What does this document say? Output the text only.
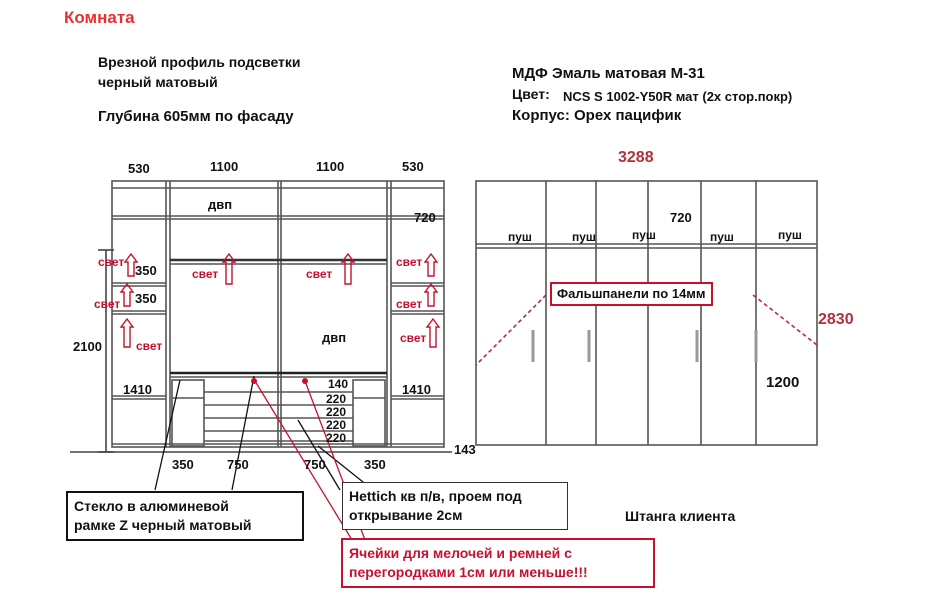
Комната
Врезной профиль подсветки
черный матовый
Глубина 605мм по фасаду
МДФ Эмаль матовая М-31
Цвет: NCS S 1002-Y50R мат (2х стор.покр)
Корпус: Орех пацифик
530	1100	1100	530
двп
720
свет
350
свет 350
свет
свет	свет
свет
свет
свет
2100
двп
1410	1410
140
220
220
220
220
143
350	750	750	350
3288
720
пуш	пуш	пуш	пуш	пуш
Фальшпанели по 14мм
2830
1200
Штанга клиента
Стекло в алюминевой
рамке Z черный матовый
Hettich кв п/в, проем под
открывание 2см
Ячейки для мелочей и ремней с
перегородками 1см или меньше!!!
